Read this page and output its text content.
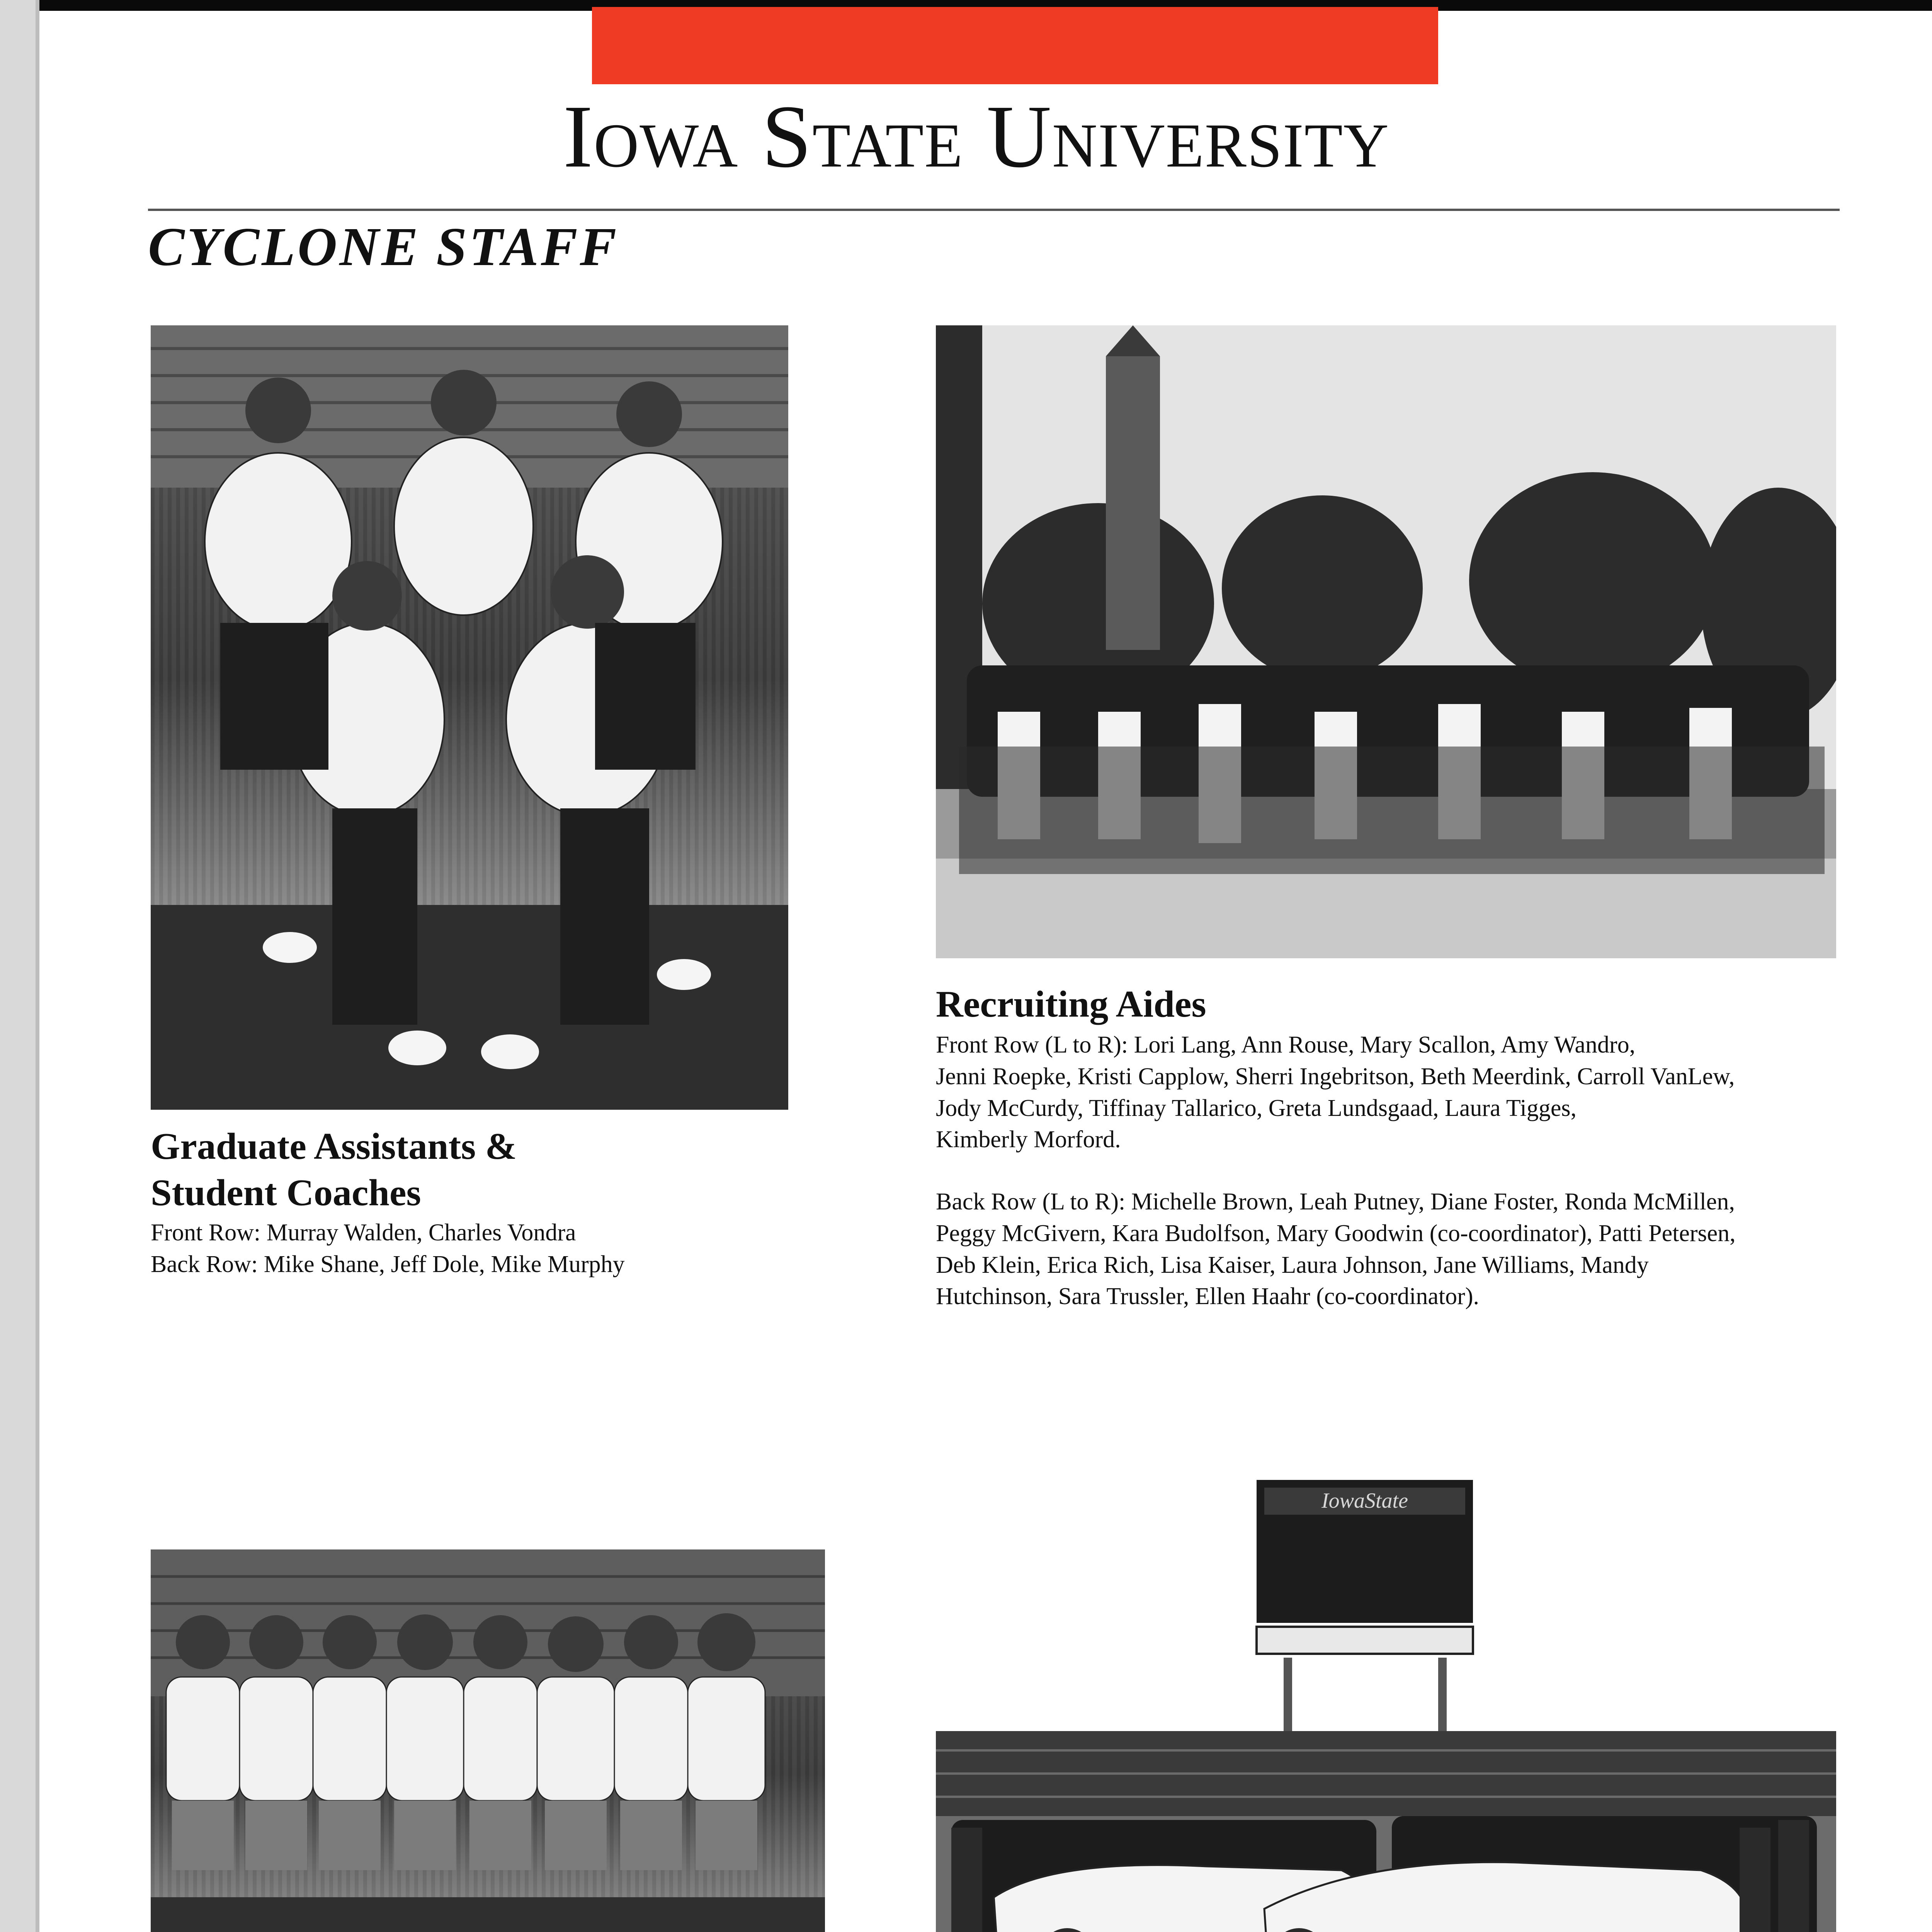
Iowa State University
CYCLONE STAFF
Graduate Assistants &
Student Coaches
Front Row: Murray Walden, Charles Vondra
Back Row: Mike Shane, Jeff Dole, Mike Murphy
Recruiting Aides
Front Row (L to R): Lori Lang, Ann Rouse, Mary Scallon, Amy Wandro,
Jenni Roepke, Kristi Capplow, Sherri Ingebritson, Beth Meerdink, Carroll VanLew,
Jody McCurdy, Tiffinay Tallarico, Greta Lundsgaad, Laura Tigges,
Kimberly Morford.
Back Row (L to R): Michelle Brown, Leah Putney, Diane Foster, Ronda McMillen,
Peggy McGivern, Kara Budolfson, Mary Goodwin (co-coordinator), Patti Petersen,
Deb Klein, Erica Rich, Lisa Kaiser, Laura Johnson, Jane Williams, Mandy
Hutchinson, Sara Trussler, Ellen Haahr (co-coordinator).
IowaState
